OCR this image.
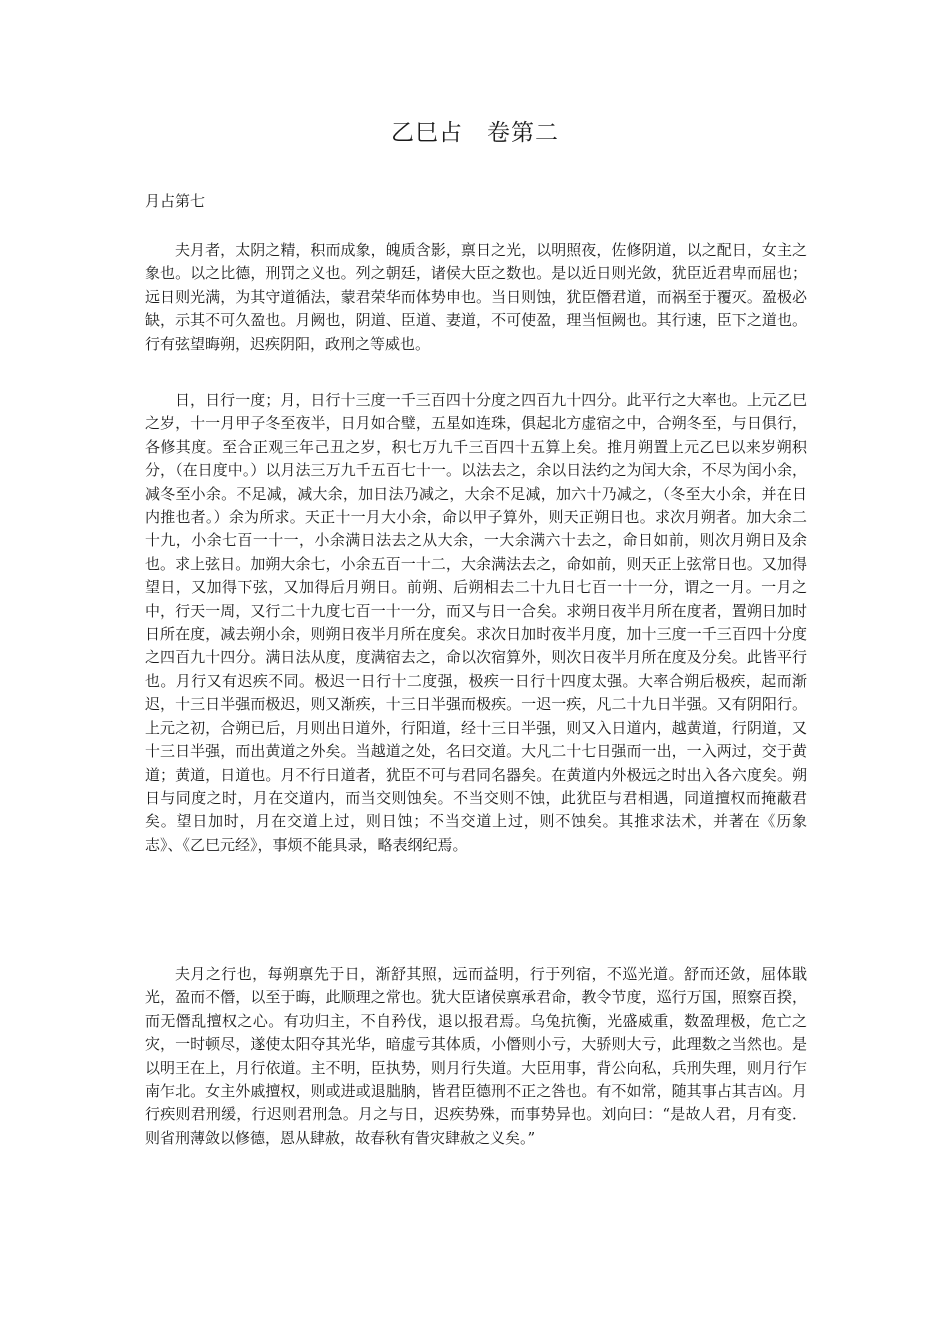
乙巳占　卷第二
月占第七

夫月者，太阴之精，积而成象，魄质含影，禀日之光，以明照夜，佐修阴道，以之配日，女主之象也。以之比德，刑罚之义也。列之朝廷，诸侯大臣之数也。是以近日则光敛，犹臣近君卑而屈也；远日则光满，为其守道循法，蒙君荣华而体势申也。当日则蚀，犹臣僭君道，而祸至于覆灭。盈极必缺，示其不可久盈也。月阙也，阴道、臣道、妻道，不可使盈，理当恒阙也。其行速，臣下之道也。行有弦望晦朔，迟疾阴阳，政刑之等威也。

日，日行一度；月，日行十三度一千三百四十分度之四百九十四分。此平行之大率也。上元乙巳之岁，十一月甲子冬至夜半，日月如合璧，五星如连珠，俱起北方虚宿之中，合朔冬至，与日俱行，各修其度。至合正观三年己丑之岁，积七万九千三百四十五算上矣。推月朔置上元乙巳以来岁朔积分，（在日度中。）以月法三万九千五百七十一。以法去之，余以日法约之为闰大余，不尽为闰小余，减冬至小余。不足减，减大余，加日法乃减之，大余不足减，加六十乃减之，（冬至大小余，并在日内推也者。）余为所求。天正十一月大小余，命以甲子算外，则天正朔日也。求次月朔者。加大余二十九，小余七百一十一，小余满日法去之从大余，一大余满六十去之，命日如前，则次月朔日及余也。求上弦日。加朔大余七，小余五百一十二，大余满法去之，命如前，则天正上弦常日也。又加得望日，又加得下弦，又加得后月朔日。前朔、后朔相去二十九日七百一十一分，谓之一月。一月之中，行天一周，又行二十九度七百一十一分，而又与日一合矣。求朔日夜半月所在度者，置朔日加时日所在度，减去朔小余，则朔日夜半月所在度矣。求次日加时夜半月度，加十三度一千三百四十分度之四百九十四分。满日法从度，度满宿去之，命以次宿算外，则次日夜半月所在度及分矣。此皆平行也。月行又有迟疾不同。极迟一日行十二度强，极疾一日行十四度太强。大率合朔后极疾，起而渐迟，十三日半强而极迟，则又渐疾，十三日半强而极疾。一迟一疾，凡二十九日半强。又有阴阳行。上元之初，合朔已后，月则出日道外，行阳道，经十三日半强，则又入日道内，越黄道，行阴道，又十三日半强，而出黄道之外矣。当越道之处，名曰交道。大凡二十七日强而一出，一入两过，交于黄道；黄道，日道也。月不行日道者，犹臣不可与君同名器矣。在黄道内外极远之时出入各六度矣。朔日与同度之时，月在交道内，而当交则蚀矣。不当交则不蚀，此犹臣与君相遇，同道擅权而掩蔽君矣。望日加时，月在交道上过，则日蚀；不当交道上过，则不蚀矣。其推求法术，并著在《历象志》、《乙巳元经》，事烦不能具录，略表纲纪焉。

夫月之行也，每朔禀先于日，渐舒其照，远而益明，行于列宿，不巡光道。舒而还敛，屈体戢光，盈而不僭，以至于晦，此顺理之常也。犹大臣诸侯禀承君命，教令节度，巡行万国，照察百揆，而无僭乱擅权之心。有功归主，不自矜伐，退以报君焉。乌兔抗衡，光盛威重，数盈理极，危亡之灾，一时顿尽，遂使太阳夺其光华，暗虚亏其体质，小僭则小亏，大骄则大亏，此理数之当然也。是以明王在上，月行依道。主不明，臣执势，则月行失道。大臣用事，背公向私，兵刑失理，则月行乍南乍北。女主外戚擅权，则或进或退朏朒，皆君臣德刑不正之咎也。有不如常，随其事占其吉凶。月行疾则君刑缓，行迟则君刑急。月之与日，迟疾势殊，而事势异也。刘向曰：“是故人君，月有变．则省刑薄敛以修德，恩从肆赦，故春秋有眚灾肆赦之义矣。”
